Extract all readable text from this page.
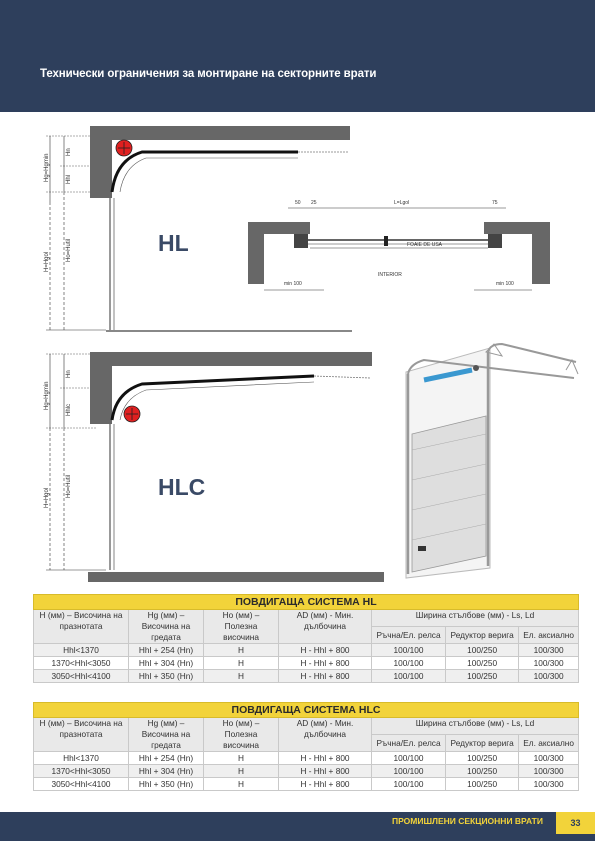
Технически ограничения за монтиране на секторните врати
Hg=Hgmin
Hn
Hhl
H=Hgol	Ho=Hutil	HL
50 25	L=Lgol	75
FOAIE DE USA
INTERIOR
min 100	min 100
Hg=Hgmin
Hn
Hhlc
H=Hgol	Ho=Hutil	HLC
ПОВДИГАЩА СИСТЕМА HL						
H (мм) – Височина на празнотата	Hg (мм) – Височина на гредата	Ho (мм) – Полезна височина	AD (мм) - Мин. дълбочина	Ширина стълбове (мм) - Ls, Ld		
				Ръчна/Ел. релса	Редуктор верига	Ел. аксиално
Hhl<1370	Hhl + 254 (Hn)	H	H - Hhl + 800	100/100	100/250	100/300
1370<Hhl<3050	Hhl + 304 (Hn)	H	H - Hhl + 800	100/100	100/250	100/300
3050<Hhl<4100	Hhl + 350 (Hn)	H	H - Hhl + 800	100/100	100/250	100/300
ПОВДИГАЩА СИСТЕМА HLC						
H (мм) – Височина на празнотата	Hg (мм) – Височина на гредата	Ho (мм) – Полезна височина	AD (мм) - Мин. дълбочина	Ширина стълбове (мм) - Ls, Ld		
				Ръчна/Ел. релса	Редуктор верига	Ел. аксиално
Hhl<1370	Hhl + 254 (Hn)	H	H - Hhl + 800	100/100	100/250	100/300
1370<Hhl<3050	Hhl + 304 (Hn)	H	H - Hhl + 800	100/100	100/250	100/300
3050<Hhl<4100	Hhl + 350 (Hn)	H	H - Hhl + 800	100/100	100/250	100/300
ПРОМИШЛЕНИ СЕКЦИОННИ ВРАТИ	33
